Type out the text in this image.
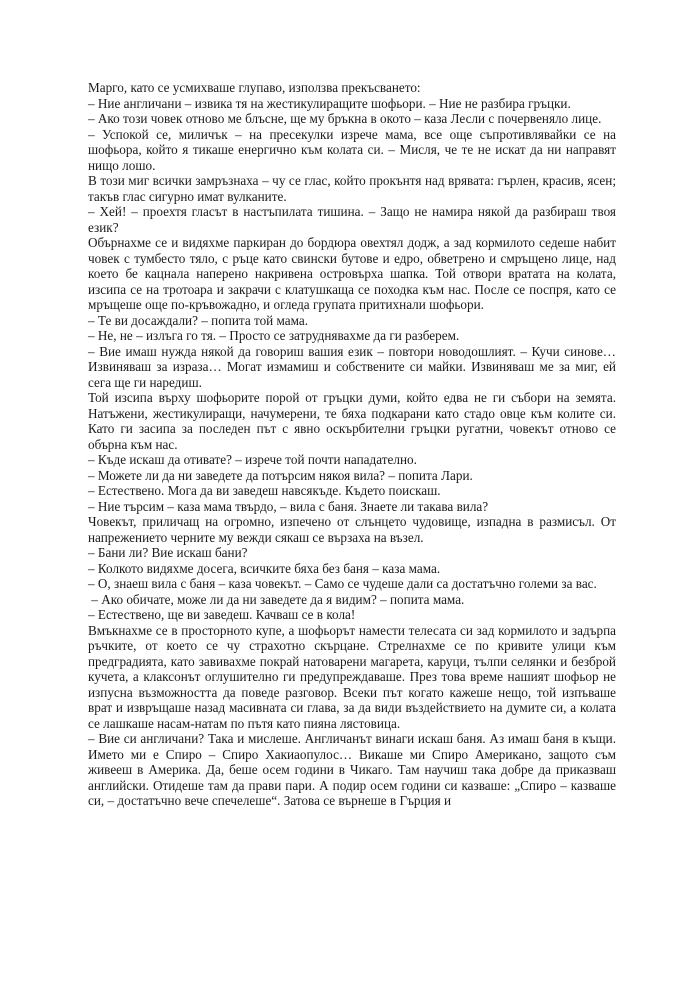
Марго, като се усмихваше глупаво, използва прекъсването:

– Ние англичани – извика тя на жестикулиращите шофьори. – Ние не разбира гръцки.

– Ако този човек отново ме блъсне, ще му бръкна в окото – каза Лесли с почервеняло лице.

– Успокой се, миличък – на пресекулки изрече мама, все още съпротивлявайки се на шофьора, който я тикаше енергично към колата си. – Мисля, че те не искат да ни направят нищо лошо.

В този миг всички замръзнаха – чу се глас, който прокънтя над врявата: гърлен, красив, ясен; такъв глас сигурно имат вулканите.

– Хей! – проехтя гласът в настъпилата тишина. – Защо не намира някой да разбираш твоя език?

Обърнахме се и видяхме паркиран до бордюра овехтял додж, а зад кормилото седеше набит човек с тумбесто тяло, с ръце като свински бутове и едро, обветрено и смръщено лице, над което бе кацнала наперено накривена островърха шапка. Той отвори вратата на колата, изсипа се на тротоара и закрачи с клатушкаща се походка към нас. После се поспря, като се мръщеше още по-кръвожадно, и огледа групата притихнали шофьори.

– Те ви досаждали? – попита той мама.

– Не, не – излъга го тя. – Просто се затруднявахме да ги разберем.

– Вие имаш нужда някой да говориш вашия език – повтори новодошлият. – Кучи синове… Извиняваш за израза… Могат измамиш и собствените си майки. Извиняваш ме за миг, ей сега ще ги наредиш.

Той изсипа върху шофьорите порой от гръцки думи, който едва не ги събори на земята. Натъжени, жестикулиращи, начумерени, те бяха подкарани като стадо овце към колите си. Като ги засипа за последен път с явно оскърбителни гръцки ругатни, човекът отново се обърна към нас.

– Къде искаш да отивате? – изрече той почти нападателно.

– Можете ли да ни заведете да потърсим някоя вила? – попита Лари.

– Естествено. Мога да ви заведеш навсякъде. Където поискаш.

– Ние търсим – каза мама твърдо, – вила с баня. Знаете ли такава вила?

Човекът, приличащ на огромно, изпечено от слънцето чудовище, изпадна в размисъл. От напрежението черните му вежди сякаш се вързаха на възел.

– Бани ли? Вие искаш бани?

– Колкото видяхме досега, всичките бяха без баня – каза мама.

– О, знаеш вила с баня – каза човекът. – Само се чудеше дали са достатъчно големи за вас.

– Ако обичате, може ли да ни заведете да я видим? – попита мама.

– Естествено, ще ви заведеш. Качваш се в кола!

Вмъкнахме се в просторното купе, а шофьорът намести телесата си зад кормилото и задърпа ръчките, от което се чу страхотно скърцане. Стрелнахме се по кривите улици към предградията, като завивахме покрай натоварени магарета, каруци, тълпи селянки и безброй кучета, а клаксонът оглушително ги предупреждаваше. През това време нашият шофьор не изпусна възможността да поведе разговор. Всеки път когато кажеше нещо, той изпъваше врат и извръщаше назад масивната си глава, за да види въздействието на думите си, а колата се лашкаше насам-натам по пътя като пияна лястовица.

– Вие си англичани? Така и мислеше. Англичанът винаги искаш баня. Аз имаш баня в къщи. Името ми е Спиро – Спиро Хакиаопулос… Викаше ми Спиро Американо, защото съм живееш в Америка. Да, беше осем години в Чикаго. Там научиш така добре да приказваш английски. Отидеше там да прави пари. А подир осем години си казваше: „Спиро – казваше си, – достатъчно вече спечелеше“. Затова се върнеше в Гърция и
